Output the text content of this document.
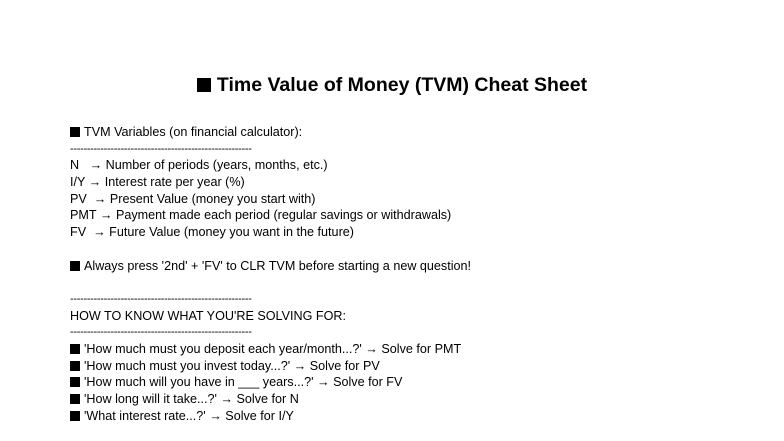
Time Value of Money (TVM) Cheat Sheet
TVM Variables (on financial calculator):
------------------------------------------------------
N   → Number of periods (years, months, etc.)
I/Y → Interest rate per year (%)
PV  → Present Value (money you start with)
PMT → Payment made each period (regular savings or withdrawals)
FV  → Future Value (money you want in the future)
Always press '2nd' + 'FV' to CLR TVM before starting a new question!
------------------------------------------------------
HOW TO KNOW WHAT YOU'RE SOLVING FOR:
------------------------------------------------------
'How much must you deposit each year/month...?' → Solve for PMT
'How much must you invest today...?' → Solve for PV
'How much will you have in ___ years...?' → Solve for FV
'How long will it take...?' → Solve for N
'What interest rate...?' → Solve for I/Y
